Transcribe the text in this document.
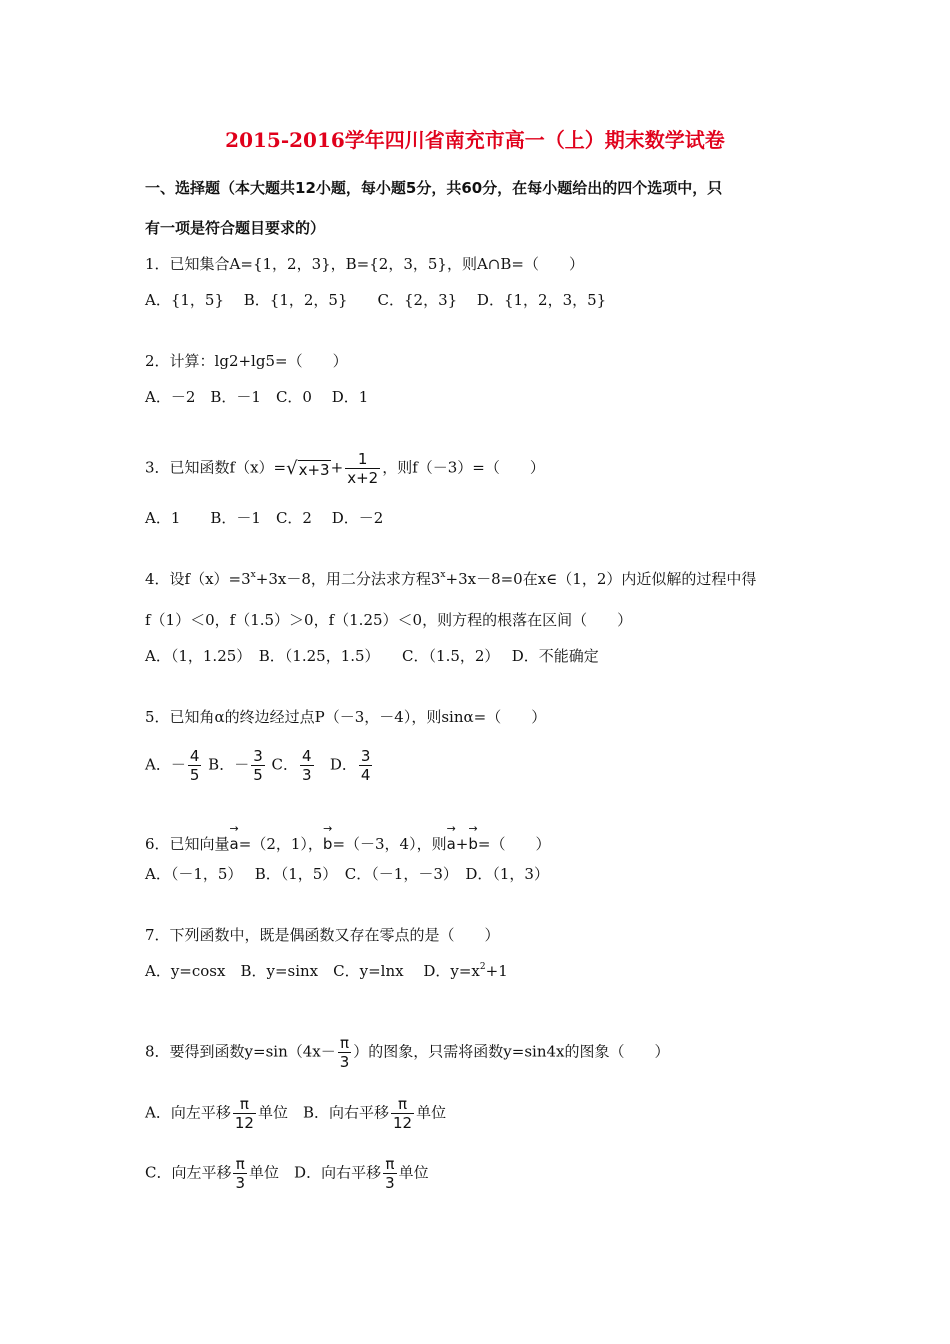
2015-2016学年四川省南充市高一（上）期末数学试卷
一、选择题（本大题共12小题，每小题5分，共60分，在每小题给出的四个选项中，只
有一项是符合题目要求的）
1．已知集合A={1，2，3}，B={2，3，5}，则A∩B=（　　）
A．{1，5}　 B．{1，2，5}　　C．{2，3}　 D．{1，2，3，5}
2．计算：lg2+lg5=（　　）
A．－2　B．－1　C．0　 D．1
3．已知函数f（x）= √ $x+3 + \frac{1}{x+2}$ ，则f（－3）=（　　）
A．1　　B．－1　C．2　 D．－2
4．设$f(x)=3^x+3x-8$，用二分法求方程$3^x+3x-8=0$在x∈（1，2）内近似解的过程中得
f（1）＜0，f（1.5）＞0，f（1.25）＜0，则方程的根落在区间（　　）
A．（1，1.25）　B．（1.25，1.5）　　C．（1.5，2）　 D．不能确定
5．已知角α的终边经过点P（－3，－4），则sinα=（　　）
A．－ $\frac{4}{5}$ B．－ $\frac{3}{5}$ C． $\frac{4}{3}$ D． $\frac{3}{4}$
6．已知向量
→
a=（2，1），
→
b=（－3，4），则
→
a+
→
b=（　　）
A．（－1，5）　 B．（1，5）　C．（－1，－3）　D．（1，3）
7．下列函数中，既是偶函数又存在零点的是（　　）
A．y=cosx　B．y=sinx　C．y=lnx　 D．$y=x^2+1$
8．要得到函数$y=\sin(4x- \frac{\pi}{3}$ ）的图象，只需将函数y=sin4x的图象（　　）
A．向左平移 $\frac{\pi}{12}$ 单位　B．向右平移 $\frac{\pi}{12}$ 单位
C．向左平移 $\frac{\pi}{3}$ 单位　D．向右平移 $\frac{\pi}{3}$ 单位
